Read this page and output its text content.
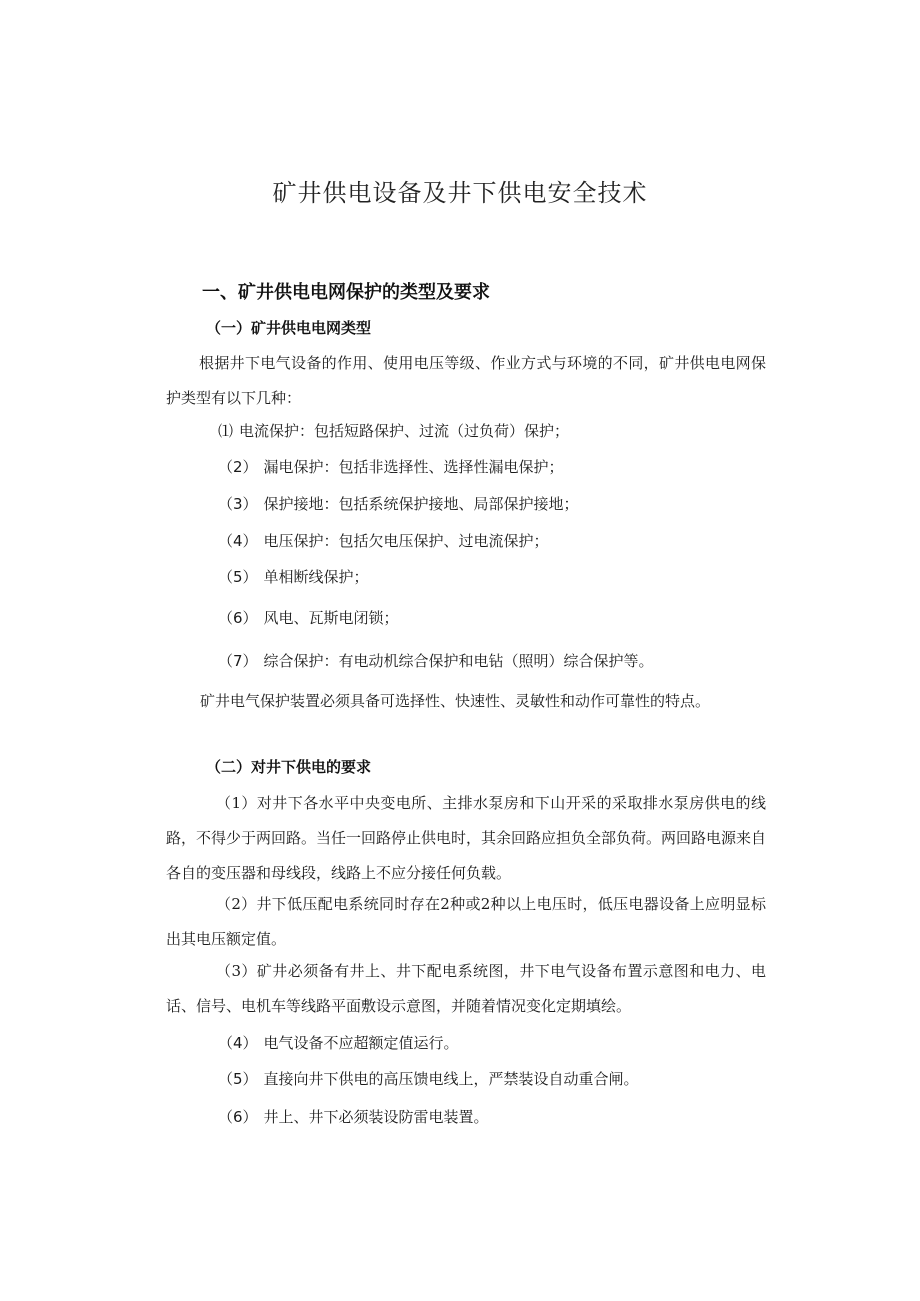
矿井供电设备及井下供电安全技术
一、矿井供电电网保护的类型及要求
（一）矿井供电电网类型

根据井下电气设备的作用、使用电压等级、作业方式与环境的不同，矿井供电电网保护类型有以下几种：

⑴ 电流保护：包括短路保护、过流（过负荷）保护；
（2） 漏电保护：包括非选择性、选择性漏电保护；
（3） 保护接地：包括系统保护接地、局部保护接地；
（4） 电压保护：包括欠电压保护、过电流保护；
（5） 单相断线保护；
（6） 风电、瓦斯电闭锁；
（7） 综合保护：有电动机综合保护和电钻（照明）综合保护等。

矿井电气保护装置必须具备可选择性、快速性、灵敏性和动作可靠性的特点。

（二）对井下供电的要求

（1）对井下各水平中央变电所、主排水泵房和下山开采的采取排水泵房供电的线路，不得少于两回路。当任一回路停止供电时，其余回路应担负全部负荷。两回路电源来自各自的变压器和母线段，线路上不应分接任何负载。

（2）井下低压配电系统同时存在2种或2种以上电压时，低压电器设备上应明显标出其电压额定值。

（3）矿井必须备有井上、井下配电系统图，井下电气设备布置示意图和电力、电话、信号、电机车等线路平面敷设示意图，并随着情况变化定期填绘。

（4） 电气设备不应超额定值运行。
（5） 直接向井下供电的高压馈电线上，严禁装设自动重合闸。
（6） 井上、井下必须装设防雷电装置。
